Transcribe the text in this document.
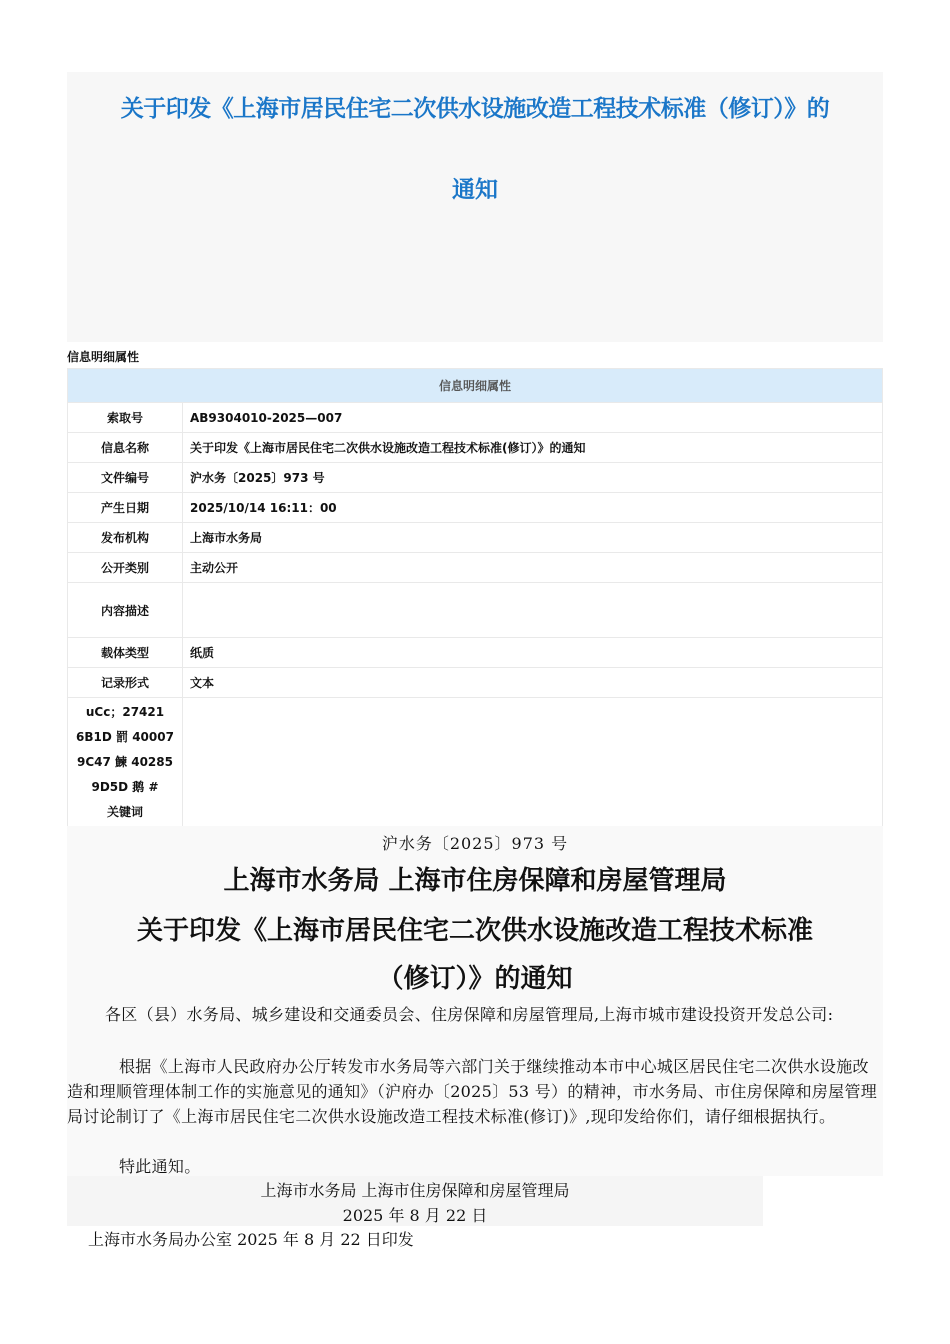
关于印发《上海市居民住宅二次供水设施改造工程技术标准（修订）》的
通知
信息明细属性
信息明细属性	
索取号	AB9304010-2025—007
信息名称	关于印发《上海市居民住宅二次供水设施改造工程技术标准(修订）》的通知
文件编号	沪水务〔2025〕973 号
产生日期	2025/10/14 16:11：00
发布机构	上海市水务局
公开类别	主动公开
内容描述	
载体类型	纸质
记录形式	文本

uCc；27421
6B1D 罰 40007
9C47 鰊 40285
9D5D 鹅 #
关键词	

沪水务〔2025〕973 号
上海市水务局 上海市住房保障和房屋管理局
关于印发《上海市居民住宅二次供水设施改造工程技术标准
（修订）》的通知
各区（县）水务局、城乡建设和交通委员会、住房保障和房屋管理局,上海市城市建设投资开发总公司:
根据《上海市人民政府办公厅转发市水务局等六部门关于继续推动本市中心城区居民住宅二次供水设施改造和理顺管理体制工作的实施意见的通知》（沪府办〔2025〕53 号）的精神，市水务局、市住房保障和房屋管理局讨论制订了《上海市居民住宅二次供水设施改造工程技术标准(修订)》,现印发给你们，请仔细根据执行。
特此通知。
上海市水务局 上海市住房保障和房屋管理局
2025 年 8 月 22 日
上海市水务局办公室 2025 年 8 月 22 日印发
